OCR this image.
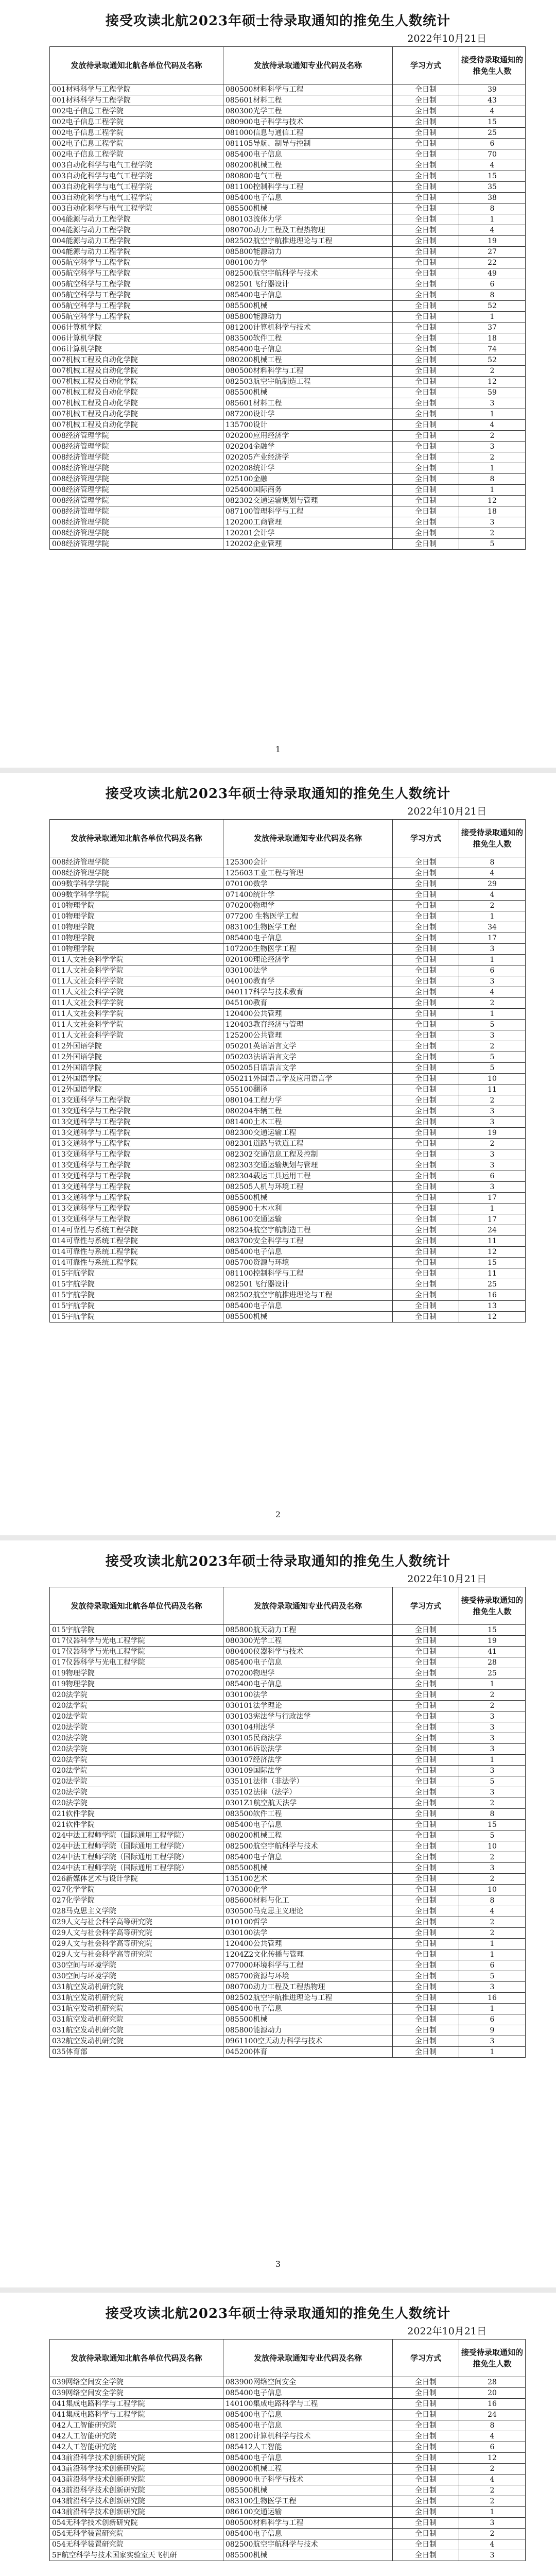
接受攻读北航2023年硕士待录取通知的推免生人数统计
2022年10月21日
发放待录取通知北航各单位代码及名称	发放待录取通知专业代码及名称	学习方式	接受待录取通知的推免生人数
001材料科学与工程学院	080500材料科学与工程	全日制	39
001材料科学与工程学院	085601材料工程	全日制	43
002电子信息工程学院	080300光学工程	全日制	4
002电子信息工程学院	080900电子科学与技术	全日制	15
002电子信息工程学院	081000信息与通信工程	全日制	25
002电子信息工程学院	081105导航、制导与控制	全日制	6
002电子信息工程学院	085400电子信息	全日制	70
003自动化科学与电气工程学院	080200机械工程	全日制	4
003自动化科学与电气工程学院	080800电气工程	全日制	15
003自动化科学与电气工程学院	081100控制科学与工程	全日制	35
003自动化科学与电气工程学院	085400电子信息	全日制	38
003自动化科学与电气工程学院	085500机械	全日制	8
004能源与动力工程学院	080103流体力学	全日制	1
004能源与动力工程学院	080700动力工程及工程热物理	全日制	4
004能源与动力工程学院	082502航空宇航推进理论与工程	全日制	19
004能源与动力工程学院	085800能源动力	全日制	27
005航空科学与工程学院	080100力学	全日制	22
005航空科学与工程学院	082500航空宇航科学与技术	全日制	49
005航空科学与工程学院	082501飞行器设计	全日制	6
005航空科学与工程学院	085400电子信息	全日制	8
005航空科学与工程学院	085500机械	全日制	52
005航空科学与工程学院	085800能源动力	全日制	1
006计算机学院	081200计算机科学与技术	全日制	37
006计算机学院	083500软件工程	全日制	18
006计算机学院	085400电子信息	全日制	74
007机械工程及自动化学院	080200机械工程	全日制	52
007机械工程及自动化学院	080500材料科学与工程	全日制	2
007机械工程及自动化学院	082503航空宇航制造工程	全日制	12
007机械工程及自动化学院	085500机械	全日制	59
007机械工程及自动化学院	085601材料工程	全日制	3
007机械工程及自动化学院	087200设计学	全日制	1
007机械工程及自动化学院	135700设计	全日制	4
008经济管理学院	020200应用经济学	全日制	2
008经济管理学院	020204金融学	全日制	3
008经济管理学院	020205产业经济学	全日制	2
008经济管理学院	020208统计学	全日制	1
008经济管理学院	025100金融	全日制	8
008经济管理学院	025400国际商务	全日制	1
008经济管理学院	082302交通运输规划与管理	全日制	12
008经济管理学院	087100管理科学与工程	全日制	18
008经济管理学院	120200工商管理	全日制	3
008经济管理学院	120201会计学	全日制	2
008经济管理学院	120202企业管理	全日制	5
1
接受攻读北航2023年硕士待录取通知的推免生人数统计
2022年10月21日
发放待录取通知北航各单位代码及名称	发放待录取通知专业代码及名称	学习方式	接受待录取通知的推免生人数
008经济管理学院	125300会计	全日制	8
008经济管理学院	125603工业工程与管理	全日制	4
009数学科学学院	070100数学	全日制	29
009数学科学学院	071400统计学	全日制	4
010物理学院	070200物理学	全日制	2
010物理学院	077200 生物医学工程	全日制	1
010物理学院	083100生物医学工程	全日制	34
010物理学院	085400电子信息	全日制	17
010物理学院	107200生物医学工程	全日制	3
011人文社会科学学院	020100理论经济学	全日制	1
011人文社会科学学院	030100法学	全日制	6
011人文社会科学学院	040100教育学	全日制	3
011人文社会科学学院	040117科学与技术教育	全日制	4
011人文社会科学学院	045100教育	全日制	2
011人文社会科学学院	120400公共管理	全日制	1
011人文社会科学学院	120403教育经济与管理	全日制	5
011人文社会科学学院	125200公共管理	全日制	3
012外国语学院	050201英语语言文学	全日制	2
012外国语学院	050203法语语言文学	全日制	5
012外国语学院	050205日语语言文学	全日制	5
012外国语学院	050211外国语言学及应用语言学	全日制	10
012外国语学院	055100翻译	全日制	11
013交通科学与工程学院	080104工程力学	全日制	2
013交通科学与工程学院	080204车辆工程	全日制	3
013交通科学与工程学院	081400土木工程	全日制	3
013交通科学与工程学院	082300交通运输工程	全日制	19
013交通科学与工程学院	082301道路与铁道工程	全日制	2
013交通科学与工程学院	082302交通信息工程及控制	全日制	3
013交通科学与工程学院	082303交通运输规划与管理	全日制	3
013交通科学与工程学院	082304载运工具运用工程	全日制	6
013交通科学与工程学院	082505人机与环境工程	全日制	3
013交通科学与工程学院	085500机械	全日制	17
013交通科学与工程学院	085900土木水利	全日制	1
013交通科学与工程学院	086100交通运输	全日制	17
014可靠性与系统工程学院	082504航空宇航制造工程	全日制	24
014可靠性与系统工程学院	083700安全科学与工程	全日制	11
014可靠性与系统工程学院	085400电子信息	全日制	12
014可靠性与系统工程学院	085700资源与环境	全日制	15
015宇航学院	081100控制科学与工程	全日制	11
015宇航学院	082501飞行器设计	全日制	25
015宇航学院	082502航空宇航推进理论与工程	全日制	16
015宇航学院	085400电子信息	全日制	13
015宇航学院	085500机械	全日制	12
2
接受攻读北航2023年硕士待录取通知的推免生人数统计
2022年10月21日
发放待录取通知北航各单位代码及名称	发放待录取通知专业代码及名称	学习方式	接受待录取通知的推免生人数
015宇航学院	085800航天动力工程	全日制	15
017仪器科学与光电工程学院	080300光学工程	全日制	19
017仪器科学与光电工程学院	080400仪器科学与技术	全日制	41
017仪器科学与光电工程学院	085400电子信息	全日制	28
019物理学院	070200物理学	全日制	25
019物理学院	085400电子信息	全日制	1
020法学院	030100法学	全日制	2
020法学院	030101法学理论	全日制	2
020法学院	030103宪法学与行政法学	全日制	3
020法学院	030104刑法学	全日制	3
020法学院	030105民商法学	全日制	3
020法学院	030106诉讼法学	全日制	3
020法学院	030107经济法学	全日制	1
020法学院	030109国际法学	全日制	3
020法学院	035101法律（非法学）	全日制	5
020法学院	035102法律（法学）	全日制	3
020法学院	0301Z1航空航天法学	全日制	2
021软件学院	083500软件工程	全日制	8
021软件学院	085400电子信息	全日制	15
024中法工程师学院（国际通用工程学院）	080200机械工程	全日制	5
024中法工程师学院（国际通用工程学院）	082500航空宇航科学与技术	全日制	10
024中法工程师学院（国际通用工程学院）	085400电子信息	全日制	2
024中法工程师学院（国际通用工程学院）	085500机械	全日制	3
026新媒体艺术与设计学院	135100艺术	全日制	2
027化学学院	070300化学	全日制	10
027化学学院	085600材料与化工	全日制	8
028马克思主义学院	030500马克思主义理论	全日制	4
029人文与社会科学高等研究院	010100哲学	全日制	2
029人文与社会科学高等研究院	030100法学	全日制	2
029人文与社会科学高等研究院	120400公共管理	全日制	1
029人文与社会科学高等研究院	1204Z2文化传播与管理	全日制	1
030空间与环境学院	077000环境科学与工程	全日制	6
030空间与环境学院	085700资源与环境	全日制	5
031航空发动机研究院	080700动力工程及工程热物理	全日制	3
031航空发动机研究院	082502航空宇航推进理论与工程	全日制	16
031航空发动机研究院	085400电子信息	全日制	1
031航空发动机研究院	085500机械	全日制	6
031航空发动机研究院	085800能源动力	全日制	9
032航空发动机研究院	0961100空天动力科学与技术	全日制	3
035体育部	045200体育	全日制	1
3
接受攻读北航2023年硕士待录取通知的推免生人数统计
2022年10月21日
发放待录取通知北航各单位代码及名称	发放待录取通知专业代码及名称	学习方式	接受待录取通知的推免生人数
039网络空间安全学院	083900网络空间安全	全日制	28
039网络空间安全学院	085400电子信息	全日制	20
041集成电路科学与工程学院	140100集成电路科学与工程	全日制	16
041集成电路科学与工程学院	085400电子信息	全日制	24
042人工智能研究院	085400电子信息	全日制	8
042人工智能研究院	081200计算机科学与技术	全日制	4
042人工智能研究院	085412人工智能	全日制	6
043前沿科学技术创新研究院	085400电子信息	全日制	12
043前沿科学技术创新研究院	080200机械工程	全日制	2
043前沿科学技术创新研究院	080900电子科学与技术	全日制	4
043前沿科学技术创新研究院	085500机械	全日制	2
043前沿科学技术创新研究院	083100生物医学工程	全日制	2
043前沿科学技术创新研究院	086100交通运输	全日制	1
054无科学技术创新研究院	080500材料科学与工程	全日制	3
054无科学装置研究院	085400电子信息	全日制	2
054无科学装置研究院	082500航空宇航科学与技术	全日制	4
5F航空科学与技术国家实验室天飞机研	085500机械	全日制	3
